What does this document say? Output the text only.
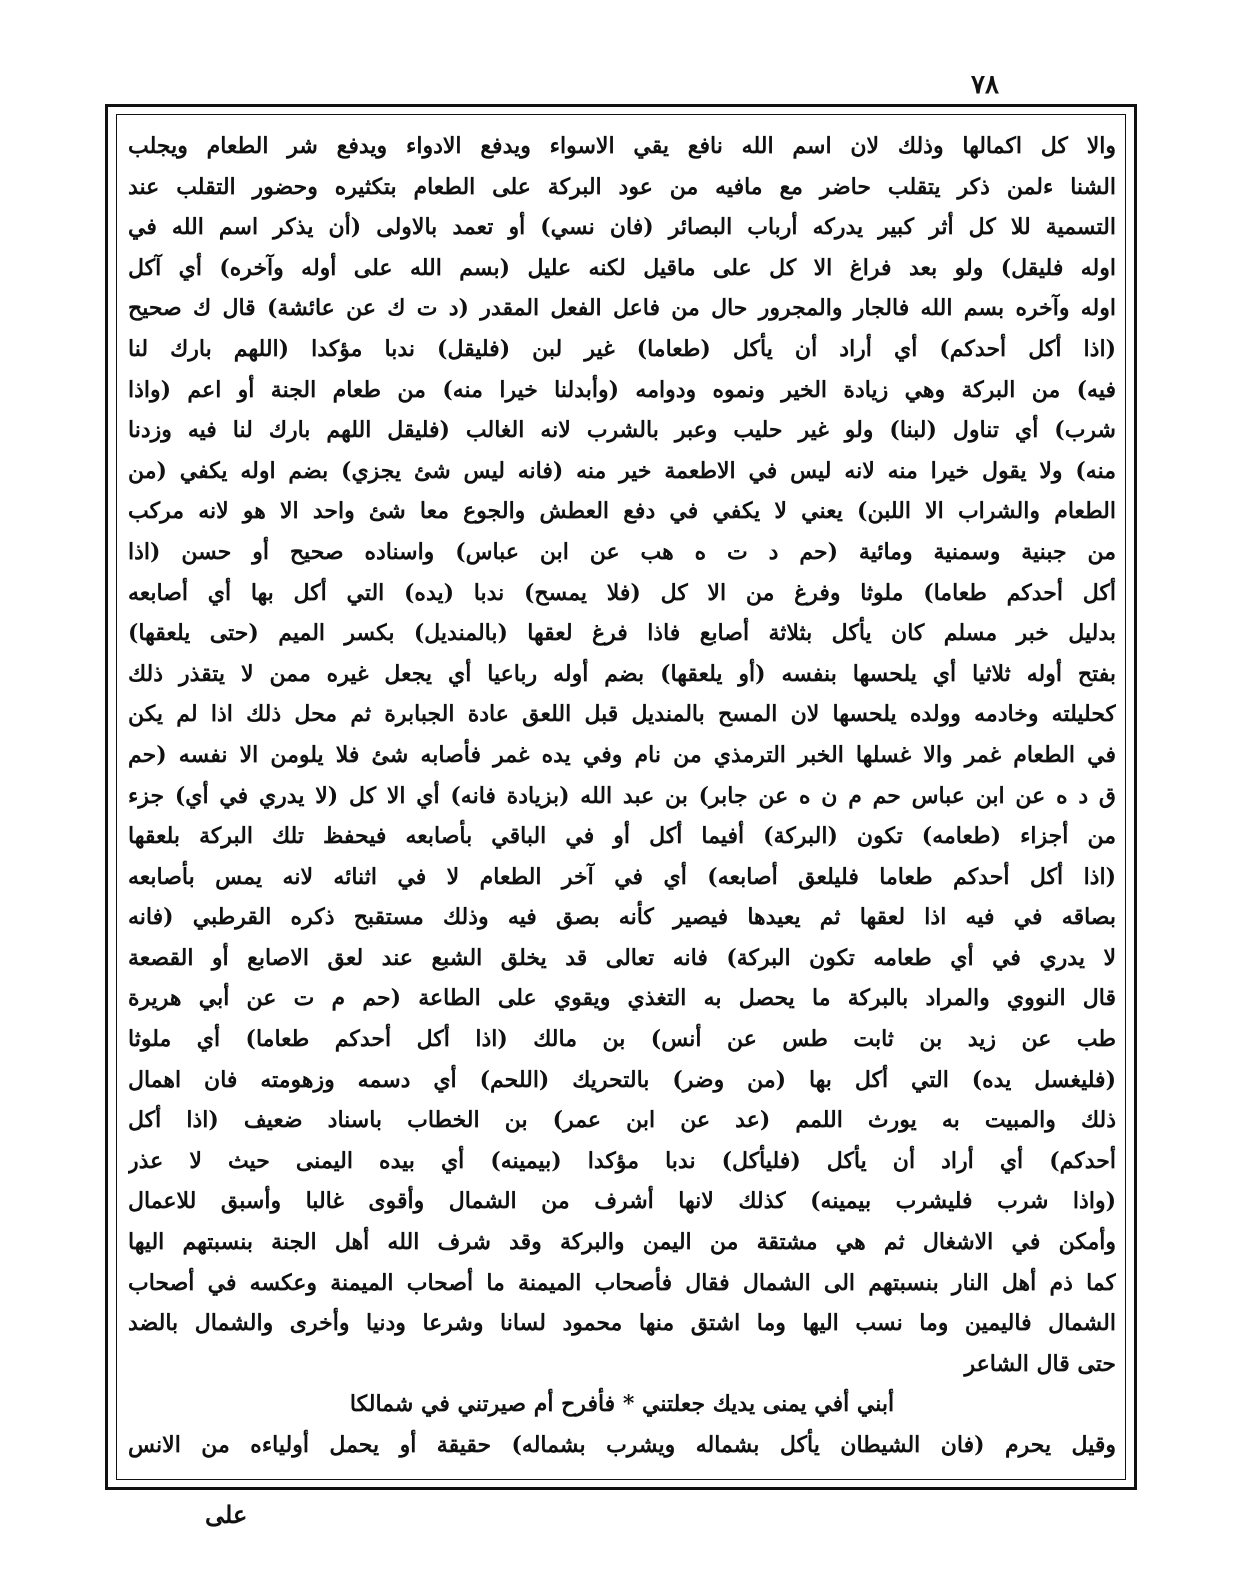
٧٨
والا كل اكمالها وذلك لان اسم الله نافع يقي الاسواء ويدفع الادواء ويدفع شر الطعام ويجلب
الشنا ءلمن ذكر يتقلب حاضر مع مافيه من عود البركة على الطعام بتكثيره وحضور التقلب عند
التسمية للا كل أثر كبير يدركه أرباب البصائر (فان نسي) أو تعمد بالاولى (أن يذكر اسم الله في
اوله فليقل) ولو بعد فراغ الا كل على ماقيل لكنه عليل (بسم الله على أوله وآخره) أي آكل
اوله وآخره بسم الله فالجار والمجرور حال من فاعل الفعل المقدر (د ت ك عن عائشة) قال ك صحيح
(اذا أكل أحدكم) أي أراد أن يأكل (طعاما) غير لبن (فليقل) ندبا مؤكدا (اللهم بارك لنا
فيه) من البركة وهي زيادة الخير ونموه ودوامه (وأبدلنا خيرا منه) من طعام الجنة أو اعم (واذا
شرب) أي تناول (لبنا) ولو غير حليب وعبر بالشرب لانه الغالب (فليقل اللهم بارك لنا فيه وزدنا
منه) ولا يقول خيرا منه لانه ليس في الاطعمة خير منه (فانه ليس شئ يجزي) بضم اوله يكفي (من
الطعام والشراب الا اللبن) يعني لا يكفي في دفع العطش والجوع معا شئ واحد الا هو لانه مركب
من جبنية وسمنية ومائية (حم د ت ه هب عن ابن عباس) واسناده صحيح أو حسن (اذا
أكل أحدكم طعاما) ملوثا وفرغ من الا كل (فلا يمسح) ندبا (يده) التي أكل بها أي أصابعه
بدليل خبر مسلم كان يأكل بثلاثة أصابع فاذا فرغ لعقها (بالمنديل) بكسر الميم (حتى يلعقها)
بفتح أوله ثلاثيا أي يلحسها بنفسه (أو يلعقها) بضم أوله رباعيا أي يجعل غيره ممن لا يتقذر ذلك
كحليلته وخادمه وولده يلحسها لان المسح بالمنديل قبل اللعق عادة الجبابرة ثم محل ذلك اذا لم يكن
في الطعام غمر والا غسلها الخبر الترمذي من نام وفي يده غمر فأصابه شئ فلا يلومن الا نفسه (حم
ق د ه عن ابن عباس حم م ن ه عن جابر) بن عبد الله (بزيادة فانه) أي الا كل (لا يدري في أي) جزء
من أجزاء (طعامه) تكون (البركة) أفيما أكل أو في الباقي بأصابعه فيحفظ تلك البركة بلعقها
(اذا أكل أحدكم طعاما فليلعق أصابعه) أي في آخر الطعام لا في اثنائه لانه يمس بأصابعه
بصاقه في فيه اذا لعقها ثم يعيدها فيصير كأنه بصق فيه وذلك مستقبح ذكره القرطبي (فانه
لا يدري في أي طعامه تكون البركة) فانه تعالى قد يخلق الشبع عند لعق الاصابع أو القصعة
قال النووي والمراد بالبركة ما يحصل به التغذي ويقوي على الطاعة (حم م ت عن أبي هريرة
طب عن زيد بن ثابت طس عن أنس) بن مالك (اذا أكل أحدكم طعاما) أي ملوثا
(فليغسل يده) التي أكل بها (من وضر) بالتحريك (اللحم) أي دسمه وزهومته فان اهمال
ذلك والمبيت به يورث اللمم (عد عن ابن عمر) بن الخطاب باسناد ضعيف (اذا أكل
أحدكم) أي أراد أن يأكل (فليأكل) ندبا مؤكدا (بيمينه) أي بيده اليمنى حيث لا عذر
(واذا شرب فليشرب بيمينه) كذلك لانها أشرف من الشمال وأقوى غالبا وأسبق للاعمال
وأمكن في الاشغال ثم هي مشتقة من اليمن والبركة وقد شرف الله أهل الجنة بنسبتهم اليها
كما ذم أهل النار بنسبتهم الى الشمال فقال فأصحاب الميمنة ما أصحاب الميمنة وعكسه في أصحاب
الشمال فاليمين وما نسب اليها وما اشتق منها محمود لسانا وشرعا ودنيا وأخرى والشمال بالضد
حتى قال الشاعر
أبني أفي يمنى يديك جعلتني * فأفرح أم صيرتني في شمالكا
وقيل يحرم (فان الشيطان يأكل بشماله ويشرب بشماله) حقيقة أو يحمل أولياءه من الانس
على
